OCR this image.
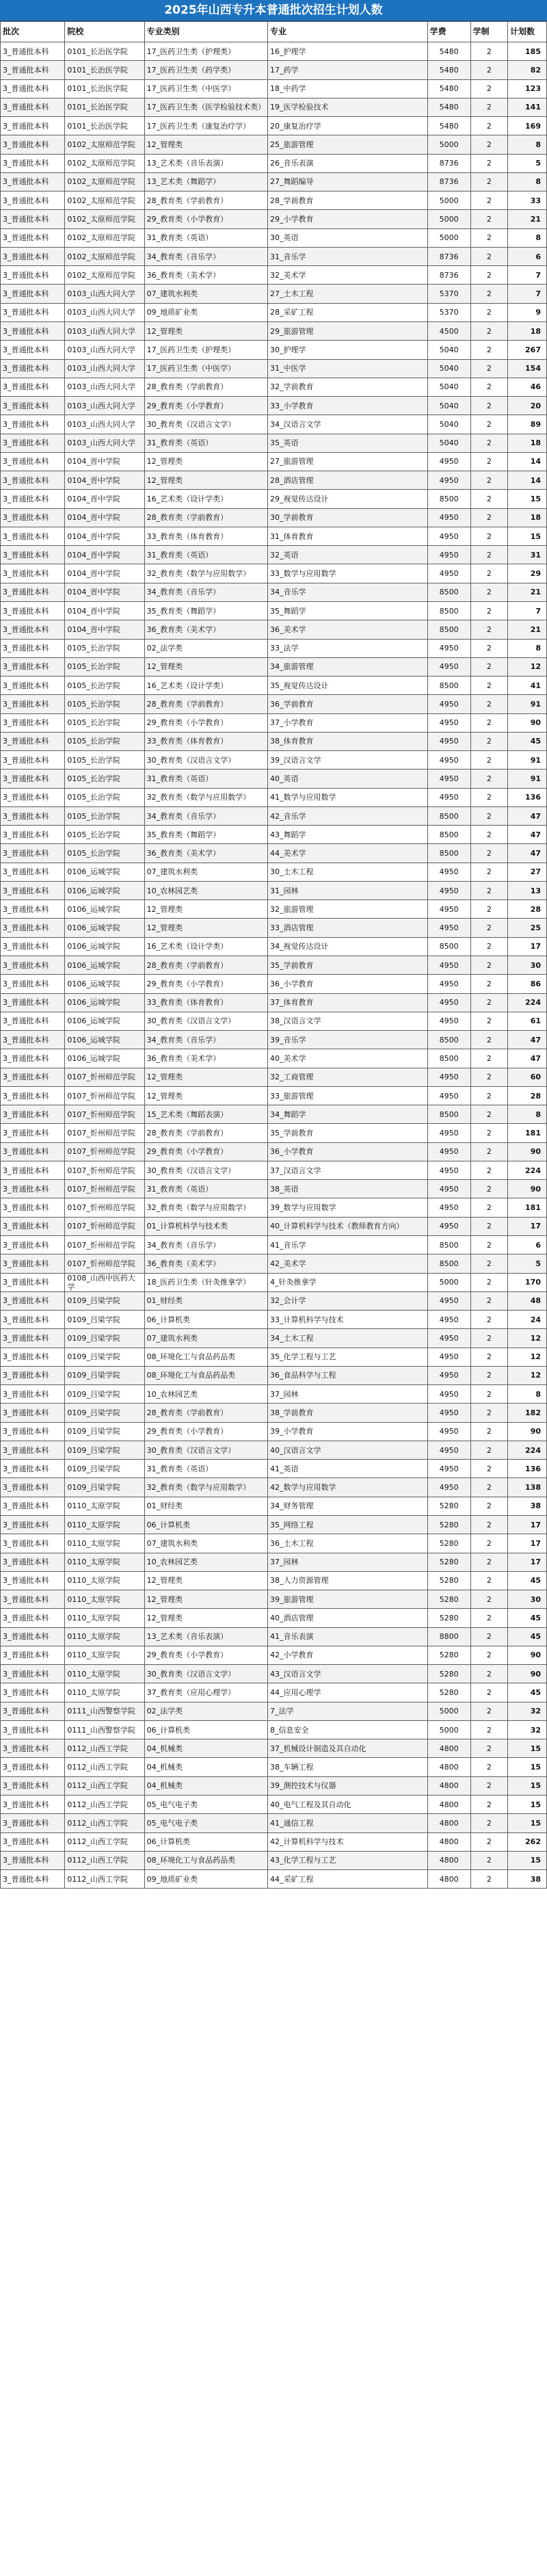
2025年山西专升本普通批次招生计划人数
批次	院校	专业类别	专业	学费	学制	计划数
3_普通批本科	0101_长治医学院	17_医药卫生类（护理类）	16_护理学	5480	2	185
3_普通批本科	0101_长治医学院	17_医药卫生类（药学类）	17_药学	5480	2	82
3_普通批本科	0101_长治医学院	17_医药卫生类（中医学）	18_中药学	5480	2	123
3_普通批本科	0101_长治医学院	17_医药卫生类（医学检验技术类）	19_医学检验技术	5480	2	141
3_普通批本科	0101_长治医学院	17_医药卫生类（康复治疗学）	20_康复治疗学	5480	2	169
3_普通批本科	0102_太原师范学院	12_管理类	25_旅游管理	5000	2	8
3_普通批本科	0102_太原师范学院	13_艺术类（音乐表演）	26_音乐表演	8736	2	5
3_普通批本科	0102_太原师范学院	13_艺术类（舞蹈学）	27_舞蹈编导	8736	2	8
3_普通批本科	0102_太原师范学院	28_教育类（学前教育）	28_学前教育	5000	2	33
3_普通批本科	0102_太原师范学院	29_教育类（小学教育）	29_小学教育	5000	2	21
3_普通批本科	0102_太原师范学院	31_教育类（英语）	30_英语	5000	2	8
3_普通批本科	0102_太原师范学院	34_教育类（音乐学）	31_音乐学	8736	2	6
3_普通批本科	0102_太原师范学院	36_教育类（美术学）	32_美术学	8736	2	7
3_普通批本科	0103_山西大同大学	07_建筑水利类	27_土木工程	5370	2	7
3_普通批本科	0103_山西大同大学	09_地质矿业类	28_采矿工程	5370	2	9
3_普通批本科	0103_山西大同大学	12_管理类	29_旅游管理	4500	2	18
3_普通批本科	0103_山西大同大学	17_医药卫生类（护理类）	30_护理学	5040	2	267
3_普通批本科	0103_山西大同大学	17_医药卫生类（中医学）	31_中医学	5040	2	154
3_普通批本科	0103_山西大同大学	28_教育类（学前教育）	32_学前教育	5040	2	46
3_普通批本科	0103_山西大同大学	29_教育类（小学教育）	33_小学教育	5040	2	20
3_普通批本科	0103_山西大同大学	30_教育类（汉语言文学）	34_汉语言文学	5040	2	89
3_普通批本科	0103_山西大同大学	31_教育类（英语）	35_英语	5040	2	18
3_普通批本科	0104_晋中学院	12_管理类	27_旅游管理	4950	2	14
3_普通批本科	0104_晋中学院	12_管理类	28_酒店管理	4950	2	14
3_普通批本科	0104_晋中学院	16_艺术类（设计学类）	29_视觉传达设计	8500	2	15
3_普通批本科	0104_晋中学院	28_教育类（学前教育）	30_学前教育	4950	2	18
3_普通批本科	0104_晋中学院	33_教育类（体育教育）	31_体育教育	4950	2	15
3_普通批本科	0104_晋中学院	31_教育类（英语）	32_英语	4950	2	31
3_普通批本科	0104_晋中学院	32_教育类（数学与应用数学）	33_数学与应用数学	4950	2	29
3_普通批本科	0104_晋中学院	34_教育类（音乐学）	34_音乐学	8500	2	21
3_普通批本科	0104_晋中学院	35_教育类（舞蹈学）	35_舞蹈学	8500	2	7
3_普通批本科	0104_晋中学院	36_教育类（美术学）	36_美术学	8500	2	21
3_普通批本科	0105_长治学院	02_法学类	33_法学	4950	2	8
3_普通批本科	0105_长治学院	12_管理类	34_旅游管理	4950	2	12
3_普通批本科	0105_长治学院	16_艺术类（设计学类）	35_视觉传达设计	8500	2	41
3_普通批本科	0105_长治学院	28_教育类（学前教育）	36_学前教育	4950	2	91
3_普通批本科	0105_长治学院	29_教育类（小学教育）	37_小学教育	4950	2	90
3_普通批本科	0105_长治学院	33_教育类（体育教育）	38_体育教育	4950	2	45
3_普通批本科	0105_长治学院	30_教育类（汉语言文学）	39_汉语言文学	4950	2	91
3_普通批本科	0105_长治学院	31_教育类（英语）	40_英语	4950	2	91
3_普通批本科	0105_长治学院	32_教育类（数学与应用数学）	41_数学与应用数学	4950	2	136
3_普通批本科	0105_长治学院	34_教育类（音乐学）	42_音乐学	8500	2	47
3_普通批本科	0105_长治学院	35_教育类（舞蹈学）	43_舞蹈学	8500	2	47
3_普通批本科	0105_长治学院	36_教育类（美术学）	44_美术学	8500	2	47
3_普通批本科	0106_运城学院	07_建筑水利类	30_土木工程	4950	2	27
3_普通批本科	0106_运城学院	10_农林园艺类	31_园林	4950	2	13
3_普通批本科	0106_运城学院	12_管理类	32_旅游管理	4950	2	28
3_普通批本科	0106_运城学院	12_管理类	33_酒店管理	4950	2	25
3_普通批本科	0106_运城学院	16_艺术类（设计学类）	34_视觉传达设计	8500	2	17
3_普通批本科	0106_运城学院	28_教育类（学前教育）	35_学前教育	4950	2	30
3_普通批本科	0106_运城学院	29_教育类（小学教育）	36_小学教育	4950	2	86
3_普通批本科	0106_运城学院	33_教育类（体育教育）	37_体育教育	4950	2	224
3_普通批本科	0106_运城学院	30_教育类（汉语言文学）	38_汉语言文学	4950	2	61
3_普通批本科	0106_运城学院	34_教育类（音乐学）	39_音乐学	8500	2	47
3_普通批本科	0106_运城学院	36_教育类（美术学）	40_美术学	8500	2	47
3_普通批本科	0107_忻州师范学院	12_管理类	32_工商管理	4950	2	60
3_普通批本科	0107_忻州师范学院	12_管理类	33_旅游管理	4950	2	28
3_普通批本科	0107_忻州师范学院	15_艺术类（舞蹈表演）	34_舞蹈学	8500	2	8
3_普通批本科	0107_忻州师范学院	28_教育类（学前教育）	35_学前教育	4950	2	181
3_普通批本科	0107_忻州师范学院	29_教育类（小学教育）	36_小学教育	4950	2	90
3_普通批本科	0107_忻州师范学院	30_教育类（汉语言文学）	37_汉语言文学	4950	2	224
3_普通批本科	0107_忻州师范学院	31_教育类（英语）	38_英语	4950	2	90
3_普通批本科	0107_忻州师范学院	32_教育类（数学与应用数学）	39_数学与应用数学	4950	2	181
3_普通批本科	0107_忻州师范学院	01_计算机科学与技术类	40_计算机科学与技术（教师教育方向）	4950	2	17
3_普通批本科	0107_忻州师范学院	34_教育类（音乐学）	41_音乐学	8500	2	6
3_普通批本科	0107_忻州师范学院	36_教育类（美术学）	42_美术学	8500	2	5
3_普通批本科	0108_山西中医药大学	18_医药卫生类（针灸推拿学）	4_针灸推拿学	5000	2	170
3_普通批本科	0109_吕梁学院	01_财经类	32_会计学	4950	2	48
3_普通批本科	0109_吕梁学院	06_计算机类	33_计算机科学与技术	4950	2	24
3_普通批本科	0109_吕梁学院	07_建筑水利类	34_土木工程	4950	2	12
3_普通批本科	0109_吕梁学院	08_环境化工与食品药品类	35_化学工程与工艺	4950	2	12
3_普通批本科	0109_吕梁学院	08_环境化工与食品药品类	36_食品科学与工程	4950	2	12
3_普通批本科	0109_吕梁学院	10_农林园艺类	37_园林	4950	2	8
3_普通批本科	0109_吕梁学院	28_教育类（学前教育）	38_学前教育	4950	2	182
3_普通批本科	0109_吕梁学院	29_教育类（小学教育）	39_小学教育	4950	2	90
3_普通批本科	0109_吕梁学院	30_教育类（汉语言文学）	40_汉语言文学	4950	2	224
3_普通批本科	0109_吕梁学院	31_教育类（英语）	41_英语	4950	2	136
3_普通批本科	0109_吕梁学院	32_教育类（数学与应用数学）	42_数学与应用数学	4950	2	138
3_普通批本科	0110_太原学院	01_财经类	34_财务管理	5280	2	38
3_普通批本科	0110_太原学院	06_计算机类	35_网络工程	5280	2	17
3_普通批本科	0110_太原学院	07_建筑水利类	36_土木工程	5280	2	17
3_普通批本科	0110_太原学院	10_农林园艺类	37_园林	5280	2	17
3_普通批本科	0110_太原学院	12_管理类	38_人力资源管理	5280	2	45
3_普通批本科	0110_太原学院	12_管理类	39_旅游管理	5280	2	30
3_普通批本科	0110_太原学院	12_管理类	40_酒店管理	5280	2	45
3_普通批本科	0110_太原学院	13_艺术类（音乐表演）	41_音乐表演	8800	2	45
3_普通批本科	0110_太原学院	29_教育类（小学教育）	42_小学教育	5280	2	90
3_普通批本科	0110_太原学院	30_教育类（汉语言文学）	43_汉语言文学	5280	2	90
3_普通批本科	0110_太原学院	37_教育类（应用心理学）	44_应用心理学	5280	2	45
3_普通批本科	0111_山西警察学院	02_法学类	7_法学	5000	2	32
3_普通批本科	0111_山西警察学院	06_计算机类	8_信息安全	5000	2	32
3_普通批本科	0112_山西工学院	04_机械类	37_机械设计制造及其自动化	4800	2	15
3_普通批本科	0112_山西工学院	04_机械类	38_车辆工程	4800	2	15
3_普通批本科	0112_山西工学院	04_机械类	39_测控技术与仪器	4800	2	15
3_普通批本科	0112_山西工学院	05_电气电子类	40_电气工程及其自动化	4800	2	15
3_普通批本科	0112_山西工学院	05_电气电子类	41_通信工程	4800	2	15
3_普通批本科	0112_山西工学院	06_计算机类	42_计算机科学与技术	4800	2	262
3_普通批本科	0112_山西工学院	08_环境化工与食品药品类	43_化学工程与工艺	4800	2	15
3_普通批本科	0112_山西工学院	09_地质矿业类	44_采矿工程	4800	2	38
